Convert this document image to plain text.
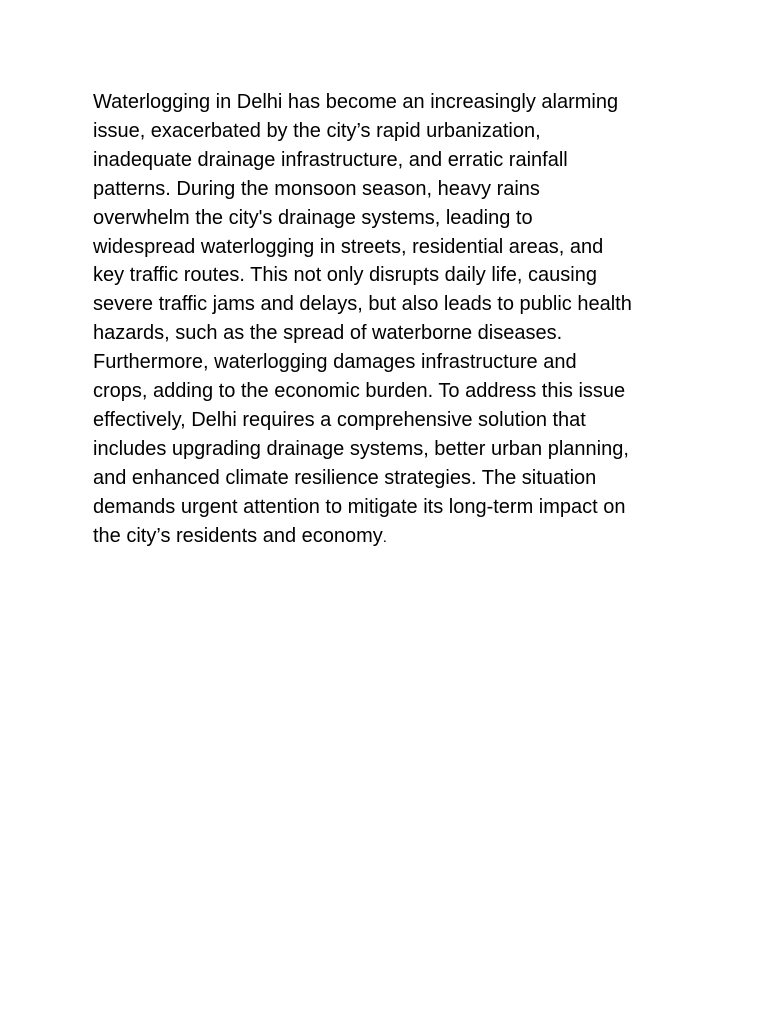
Waterlogging in Delhi has become an increasingly alarming
issue, exacerbated by the city’s rapid urbanization,
inadequate drainage infrastructure, and erratic rainfall
patterns. During the monsoon season, heavy rains
overwhelm the city's drainage systems, leading to
widespread waterlogging in streets, residential areas, and
key traffic routes. This not only disrupts daily life, causing
severe traffic jams and delays, but also leads to public health
hazards, such as the spread of waterborne diseases.
Furthermore, waterlogging damages infrastructure and
crops, adding to the economic burden. To address this issue
effectively, Delhi requires a comprehensive solution that
includes upgrading drainage systems, better urban planning,
and enhanced climate resilience strategies. The situation
demands urgent attention to mitigate its long-term impact on
the city’s residents and economy.
